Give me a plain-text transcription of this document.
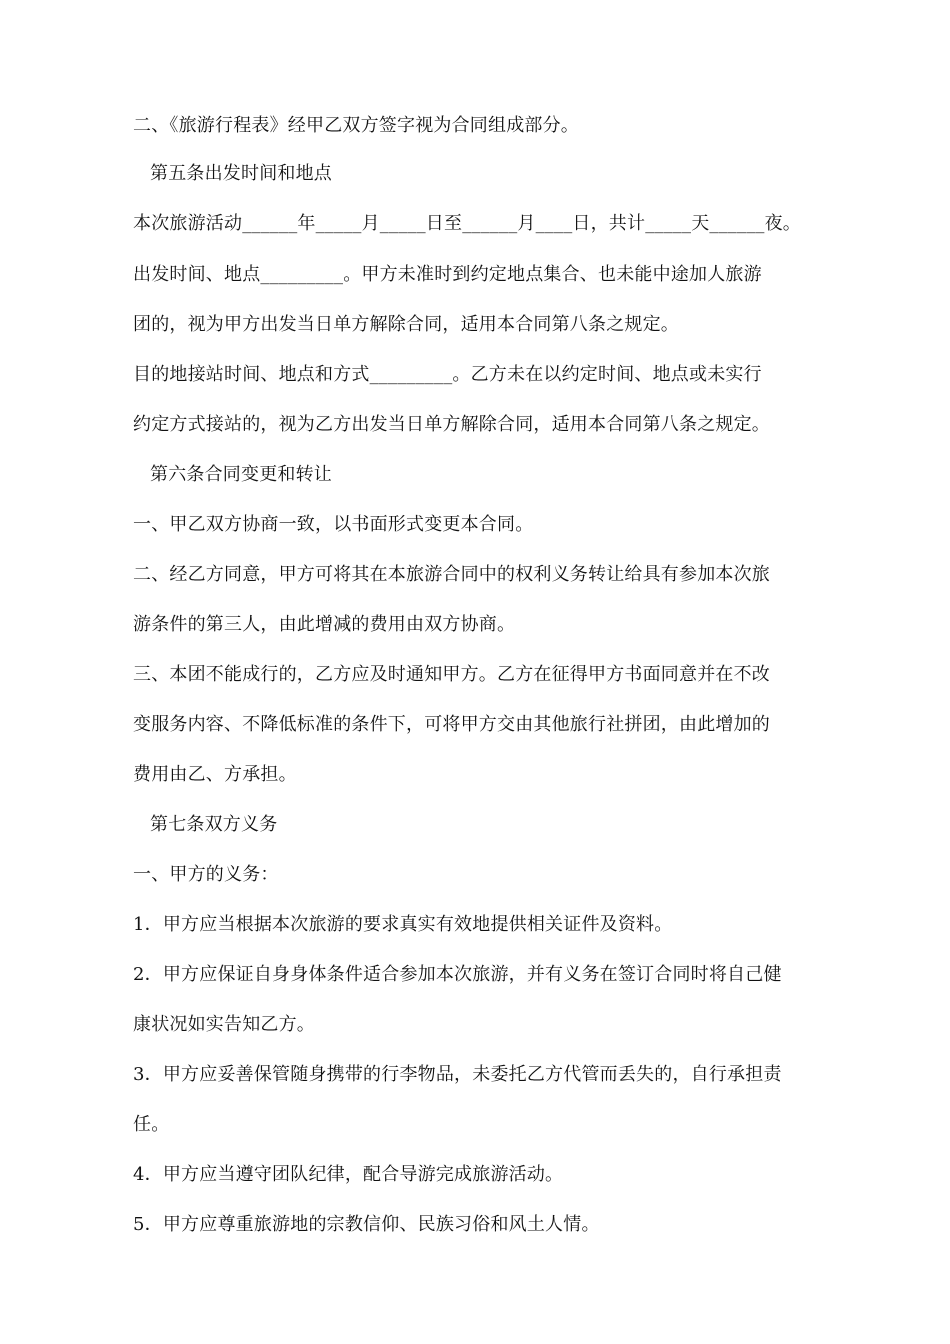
二、《旅游行程表》经甲乙双方签字视为合同组成部分。
第五条出发时间和地点
本次旅游活动______年_____月_____日至______月____日，共计_____天______夜。
出发时间、地点_________。甲方未准时到约定地点集合、也未能中途加人旅游
团的，视为甲方出发当日单方解除合同，适用本合同第八条之规定。
目的地接站时间、地点和方式_________。乙方未在以约定时间、地点或未实行
约定方式接站的，视为乙方出发当日单方解除合同，适用本合同第八条之规定。
第六条合同变更和转让
一、甲乙双方协商一致，以书面形式变更本合同。
二、经乙方同意，甲方可将其在本旅游合同中的权利义务转让给具有参加本次旅
游条件的第三人，由此增减的费用由双方协商。
三、本团不能成行的，乙方应及时通知甲方。乙方在征得甲方书面同意并在不改
变服务内容、不降低标准的条件下，可将甲方交由其他旅行社拼团，由此增加的
费用由乙、方承担。
第七条双方义务
一、甲方的义务：
1．甲方应当根据本次旅游的要求真实有效地提供相关证件及资料。
2．甲方应保证自身身体条件适合参加本次旅游，并有义务在签订合同时将自己健
康状况如实告知乙方。
3．甲方应妥善保管随身携带的行李物品，未委托乙方代管而丢失的，自行承担责
任。
4．甲方应当遵守团队纪律，配合导游完成旅游活动。
5．甲方应尊重旅游地的宗教信仰、民族习俗和风土人情。
